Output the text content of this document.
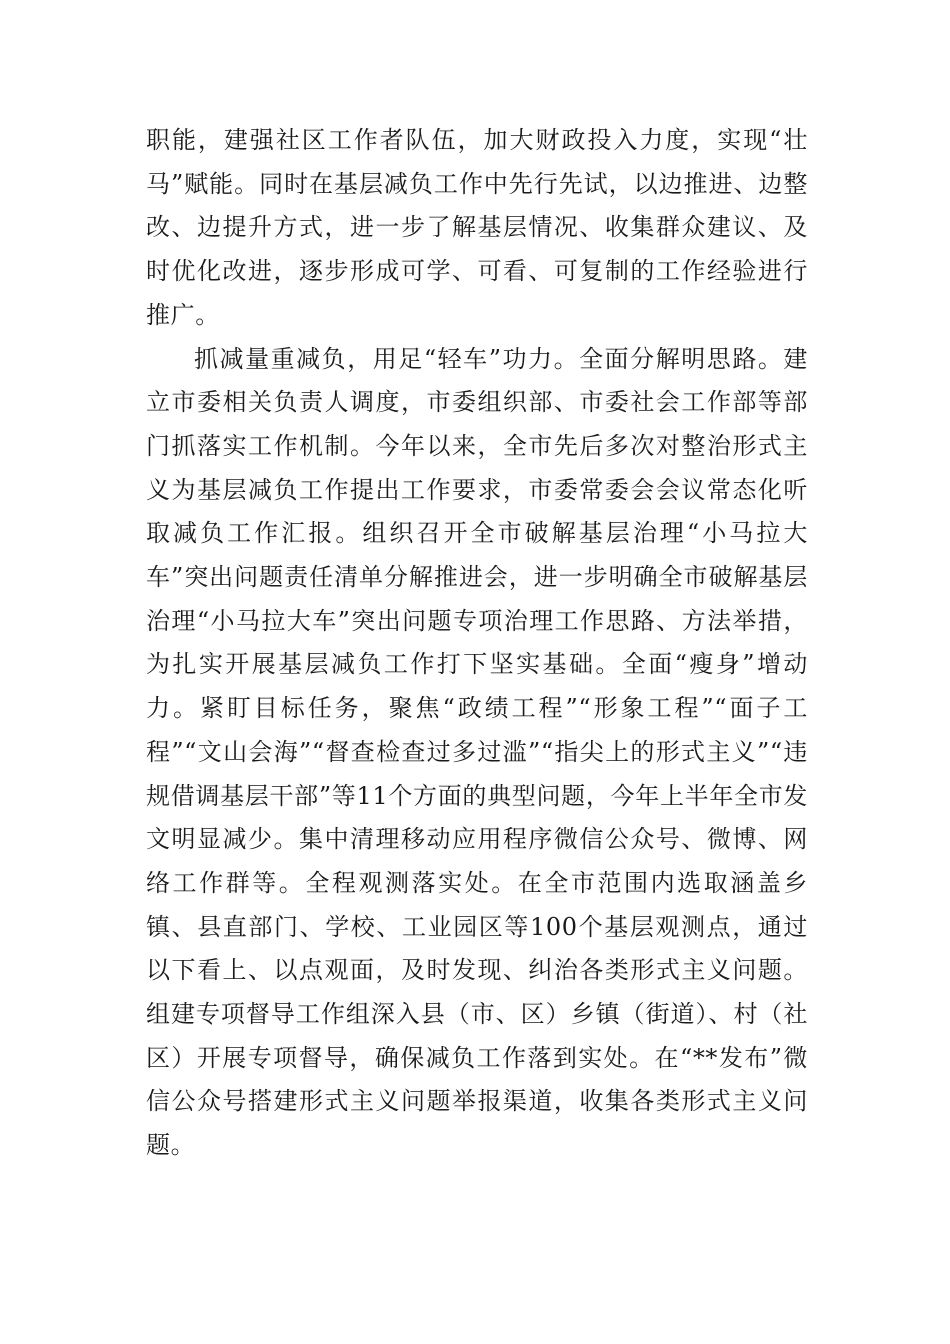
职能，建强社区工作者队伍，加大财政投入力度，实现“壮马”赋能。同时在基层减负工作中先行先试，以边推进、边整改、边提升方式，进一步了解基层情况、收集群众建议、及时优化改进，逐步形成可学、可看、可复制的工作经验进行推广。

抓减量重减负，用足“轻车”功力。全面分解明思路。建立市委相关负责人调度，市委组织部、市委社会工作部等部门抓落实工作机制。今年以来，全市先后多次对整治形式主义为基层减负工作提出工作要求，市委常委会会议常态化听取减负工作汇报。组织召开全市破解基层治理“小马拉大车”突出问题责任清单分解推进会，进一步明确全市破解基层治理“小马拉大车”突出问题专项治理工作思路、方法举措，为扎实开展基层减负工作打下坚实基础。全面“瘦身”增动力。紧盯目标任务，聚焦“政绩工程”“形象工程”“面子工程”“文山会海”“督查检查过多过滥”“指尖上的形式主义”“违规借调基层干部”等11个方面的典型问题，今年上半年全市发文明显减少。集中清理移动应用程序微信公众号、微博、网络工作群等。全程观测落实处。在全市范围内选取涵盖乡镇、县直部门、学校、工业园区等100个基层观测点，通过以下看上、以点观面，及时发现、纠治各类形式主义问题。组建专项督导工作组深入县（市、区）乡镇（街道）、村（社区）开展专项督导，确保减负工作落到实处。在“**发布”微信公众号搭建形式主义问题举报渠道，收集各类形式主义问题。
